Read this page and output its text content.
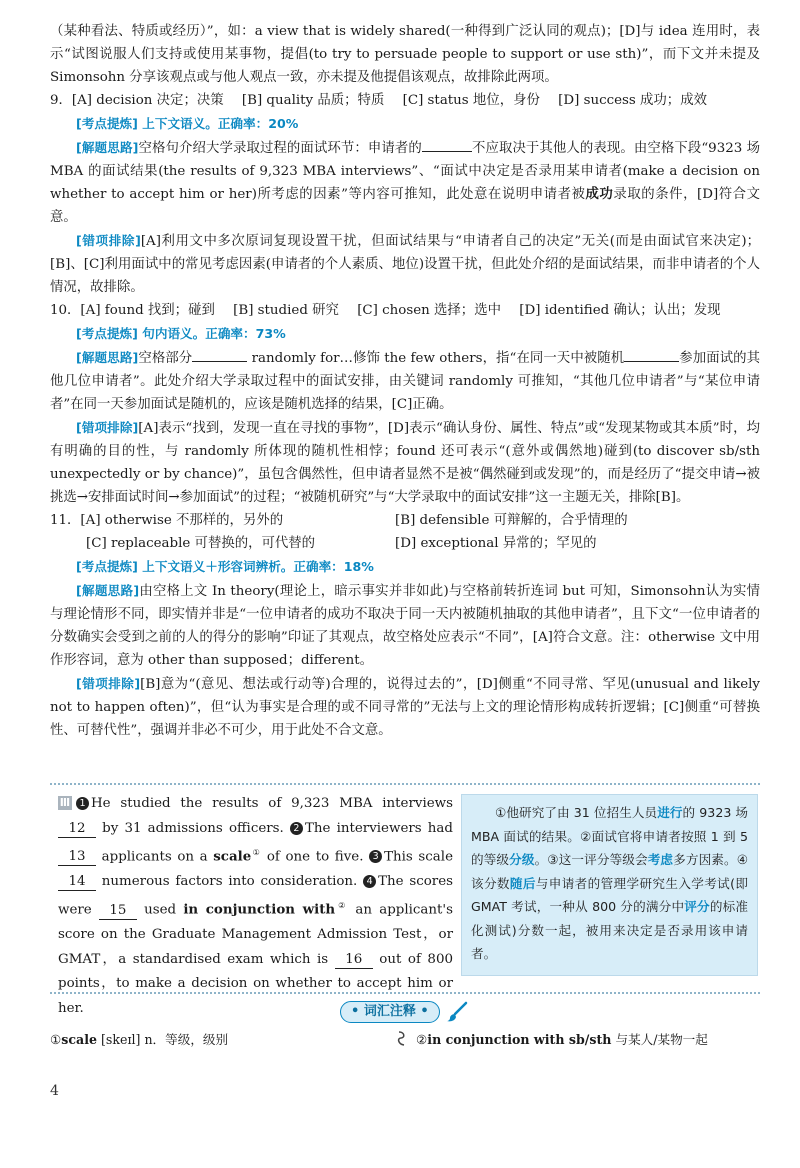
（某种看法、特质或经历）”，如：a view that is widely shared(一种得到广泛认同的观点)；[D]与 idea 连用时，表示“试图说服人们支持或使用某事物，提倡(to try to persuade people to support or use sth)”，而下文并未提及 Simonsohn 分享该观点或与他人观点一致，亦未提及他提倡该观点，故排除此两项。

9．[A] decision 决定；决策 [B] quality 品质；特质 [C] status 地位，身份 [D] success 成功；成效

[考点提炼] 上下文语义。正确率：20%

[解题思路]空格句介绍大学录取过程的面试环节：申请者的	不应取决于其他人的表现。由空格下段“9323 场 MBA 的面试结果(the results of 9,323 MBA interviews”、“面试中决定是否录用某申请者(make a decision on whether to accept him or her)所考虑的因素”等内容可推知，此处意在说明申请者被成功录取的条件，[D]符合文意。

[错项排除][A]利用文中多次原词复现设置干扰，但面试结果与“申请者自己的决定”无关(而是由面试官来决定)；[B]、[C]利用面试中的常见考虑因素(申请者的个人素质、地位)设置干扰，但此处介绍的是面试结果，而非申请者的个人情况，故排除。

10．[A] found 找到；碰到 [B] studied 研究 [C] chosen 选择；选中 [D] identified 确认；认出；发现

[考点提炼] 句内语义。正确率：73%

[解题思路]空格部分	randomly for…修饰 the few others，指“在同一天中被随机	参加面试的其他几位申请者”。此处介绍大学录取过程中的面试安排，由关键词 randomly 可推知，“其他几位申请者”与“某位申请者”在同一天参加面试是随机的，应该是随机选择的结果，[C]正确。

[错项排除][A]表示“找到，发现一直在寻找的事物”，[D]表示“确认身份、属性、特点”或“发现某物或其本质”时，均有明确的目的性，与 randomly 所体现的随机性相悖；found 还可表示“(意外或偶然地)碰到(to discover sb/sth unexpectedly or by chance)”，虽包含偶然性，但申请者显然不是被“偶然碰到或发现”的，而是经历了“提交申请→被挑选→安排面试时间→参加面试”的过程；“被随机研究”与“大学录取中的面试安排”这一主题无关，排除[B]。

11．[A] otherwise 不那样的，另外的	[B] defensible 可辩解的，合乎情理的
[C] replaceable 可替换的，可代替的	[D] exceptional 异常的；罕见的

[考点提炼] 上下文语义＋形容词辨析。正确率：18%

[解题思路]由空格上文 In theory(理论上，暗示事实并非如此)与空格前转折连词 but 可知，Simonsohn认为实情与理论情形不同，即实情并非是“一位申请者的成功不取决于同一天内被随机抽取的其他申请者”，且下文“一位申请者的分数确实会受到之前的人的得分的影响”印证了其观点，故空格处应表示“不同”，[A]符合文意。注：otherwise 文中用作形容词，意为 other than supposed；different。

[错项排除][B]意为“(意见、想法或行动等)合理的，说得过去的”，[D]侧重“不同寻常、罕见(unusual and likely not to happen often)”，但“认为事实是合理的或不同寻常的”无法与上文的理论情形构成转折逻辑；[C]侧重“可替换性、可替代性”，强调并非必不可少，用于此处不合文意。

Ⅲ 1 He studied the results of 9,323 MBA interviews 12 by 31 admissions officers. 2 The interviewers had 13 applicants on a scale① of one to five. 3 This scale 14 numerous factors into consideration. 4 The scores were 15 used in conjunction with② an applicant's score on the Graduate Management Admission Test，or GMAT，a standardised exam which is 16 out of 800 points，to make a decision on whether to accept him or her.

①他研究了由 31 位招生人员进行的 9323 场 MBA 面试的结果。②面试官将申请者按照 1 到 5 的等级分级。③这一评分等级会考虑多方因素。④该分数随后与申请者的管理学研究生入学考试(即 GMAT 考试，一种从 800 分的满分中评分的标准化测试)分数一起，被用来决定是否录用该申请者。

• 词汇注释 •
①scale [skeɪl] n．等级，级别	②in conjunction with sb/sth 与某人/某物一起
4
